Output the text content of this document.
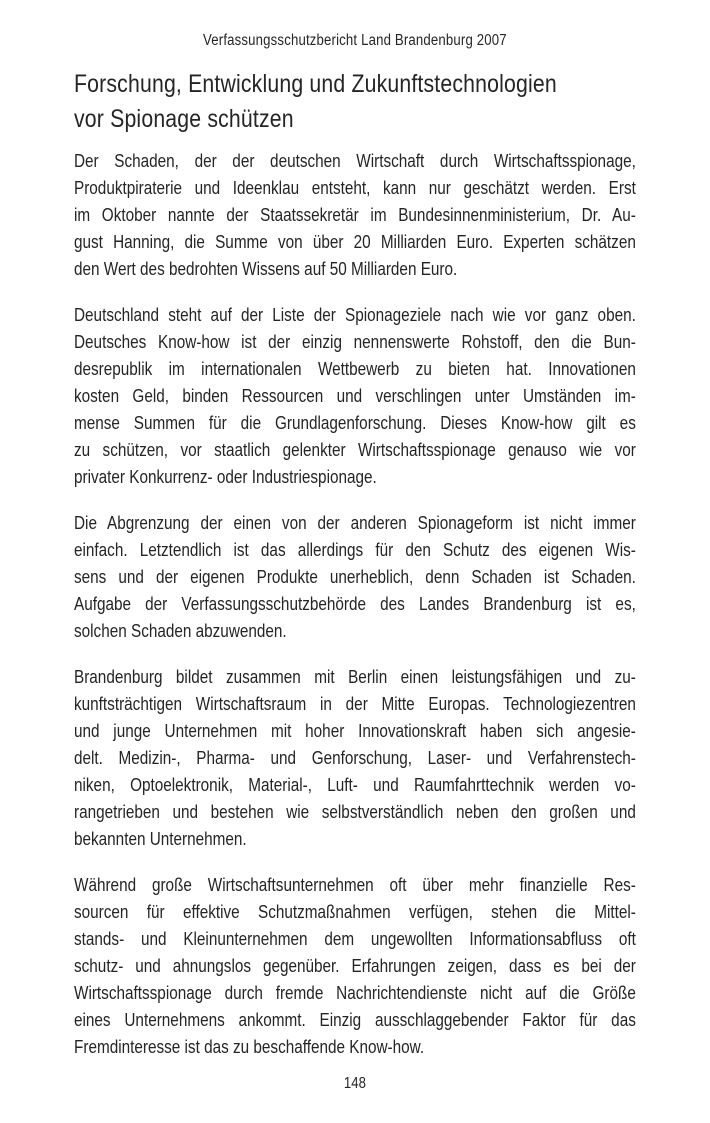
Verfassungsschutzbericht Land Brandenburg 2007
Forschung, Entwicklung und Zukunftstechnologien
vor Spionage schützen
Der Schaden, der der deutschen Wirtschaft durch Wirtschaftsspionage,
Produktpiraterie und Ideenklau entsteht, kann nur geschätzt werden. Erst
im Oktober nannte der Staatssekretär im Bundesinnenministerium, Dr. Au-
gust Hanning, die Summe von über 20 Milliarden Euro. Experten schätzen
den Wert des bedrohten Wissens auf 50 Milliarden Euro.
Deutschland steht auf der Liste der Spionageziele nach wie vor ganz oben.
Deutsches Know-how ist der einzig nennenswerte Rohstoff, den die Bun-
desrepublik im internationalen Wettbewerb zu bieten hat. Innovationen
kosten Geld, binden Ressourcen und verschlingen unter Umständen im-
mense Summen für die Grundlagenforschung. Dieses Know-how gilt es
zu schützen, vor staatlich gelenkter Wirtschaftsspionage genauso wie vor
privater Konkurrenz- oder Industriespionage.
Die Abgrenzung der einen von der anderen Spionageform ist nicht immer
einfach. Letztendlich ist das allerdings für den Schutz des eigenen Wis-
sens und der eigenen Produkte unerheblich, denn Schaden ist Schaden.
Aufgabe der Verfassungsschutzbehörde des Landes Brandenburg ist es,
solchen Schaden abzuwenden.
Brandenburg bildet zusammen mit Berlin einen leistungsfähigen und zu-
kunftsträchtigen Wirtschaftsraum in der Mitte Europas. Technologiezentren
und junge Unternehmen mit hoher Innovationskraft haben sich angesie-
delt. Medizin-, Pharma- und Genforschung, Laser- und Verfahrenstech-
niken, Optoelektronik, Material-, Luft- und Raumfahrttechnik werden vo-
rangetrieben und bestehen wie selbstverständlich neben den großen und
bekannten Unternehmen.
Während große Wirtschaftsunternehmen oft über mehr finanzielle Res-
sourcen für effektive Schutzmaßnahmen verfügen, stehen die Mittel-
stands- und Kleinunternehmen dem ungewollten Informationsabfluss oft
schutz- und ahnungslos gegenüber. Erfahrungen zeigen, dass es bei der
Wirtschaftsspionage durch fremde Nachrichtendienste nicht auf die Größe
eines Unternehmens ankommt. Einzig ausschlaggebender Faktor für das
Fremdinteresse ist das zu beschaffende Know-how.
148
